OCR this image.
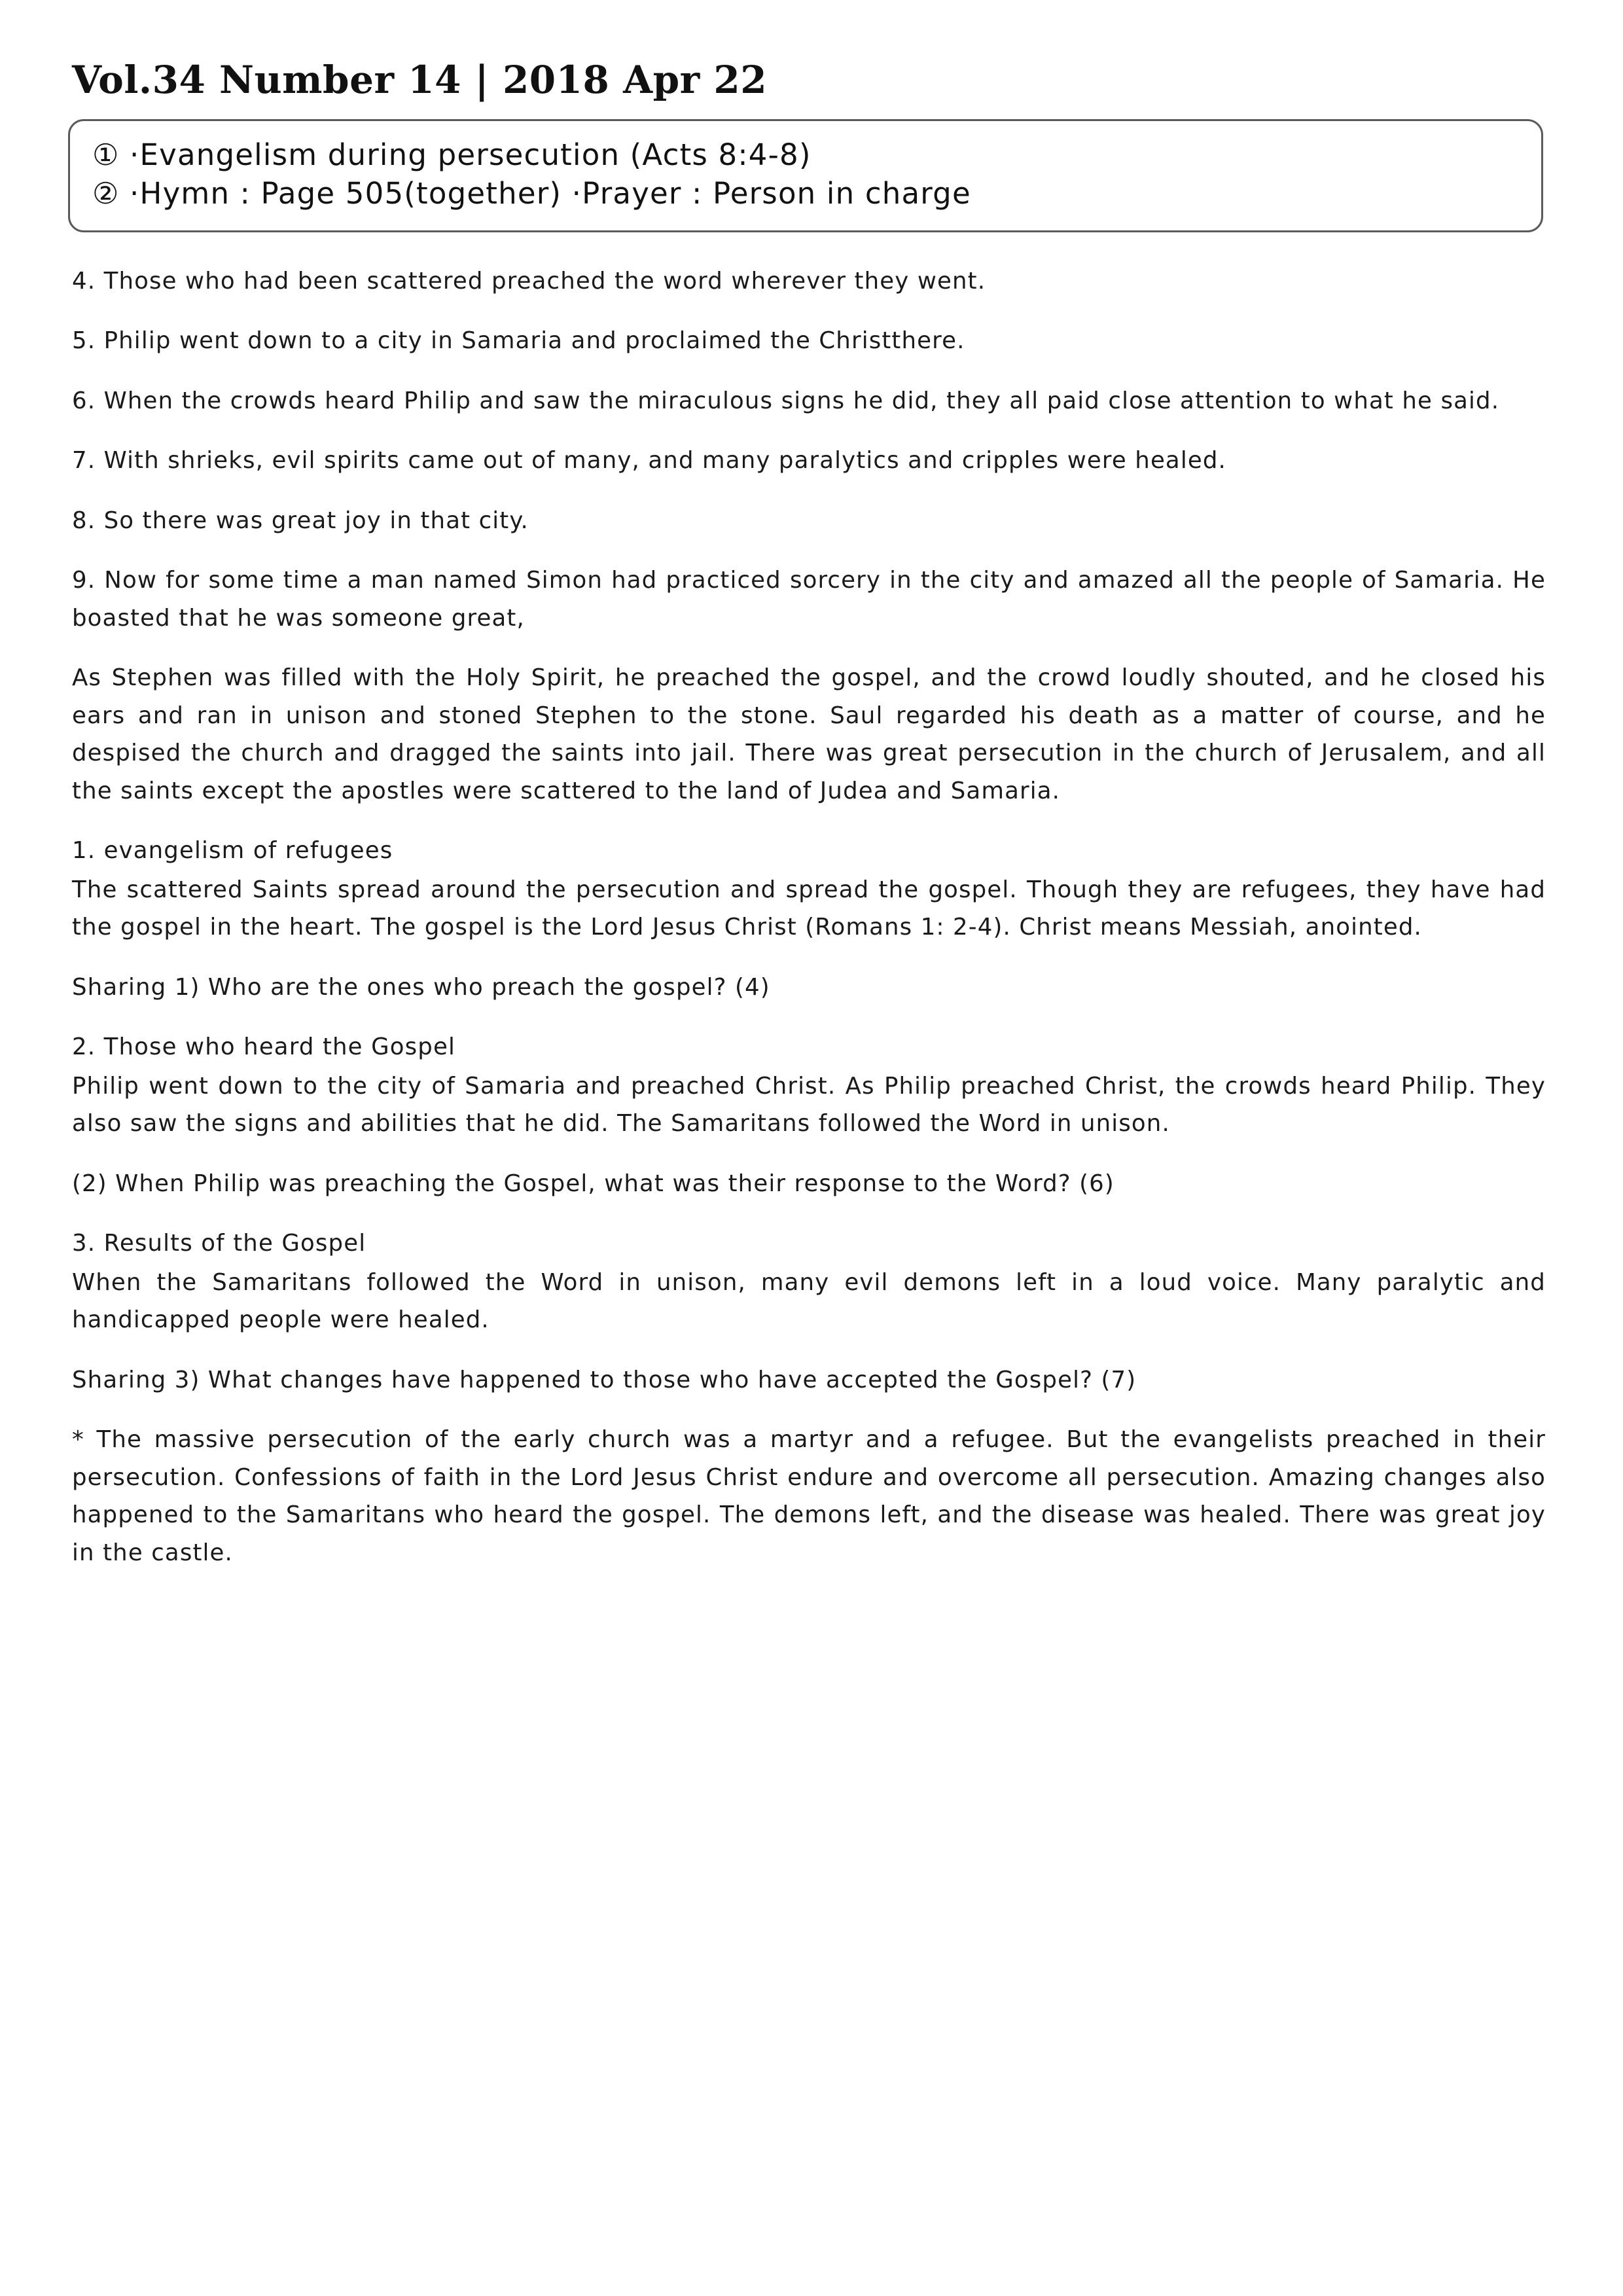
Vol.34 Number 14 | 2018 Apr 22
① ·Evangelism during persecution (Acts 8:4-8)
② ·Hymn : Page 505(together) ·Prayer : Person in charge

4. Those who had been scattered preached the word wherever they went.

5. Philip went down to a city in Samaria and proclaimed the Christthere.

6. When the crowds heard Philip and saw the miraculous signs he did, they all paid close attention to what he said.

7. With shrieks, evil spirits came out of many, and many paralytics and cripples were healed.

8. So there was great joy in that city.

9. Now for some time a man named Simon had practiced sorcery in the city and amazed all the people of Samaria. He boasted that he was someone great,

As Stephen was filled with the Holy Spirit, he preached the gospel, and the crowd loudly shouted, and he closed his ears and ran in unison and stoned Stephen to the stone. Saul regarded his death as a matter of course, and he despised the church and dragged the saints into jail. There was great persecution in the church of Jerusalem, and all the saints except the apostles were scattered to the land of Judea and Samaria.

1. evangelism of refugees

The scattered Saints spread around the persecution and spread the gospel. Though they are refugees, they have had the gospel in the heart. The gospel is the Lord Jesus Christ (Romans 1: 2-4). Christ means Messiah, anointed.

Sharing 1) Who are the ones who preach the gospel? (4)

2. Those who heard the Gospel

Philip went down to the city of Samaria and preached Christ. As Philip preached Christ, the crowds heard Philip. They also saw the signs and abilities that he did. The Samaritans followed the Word in unison.

(2) When Philip was preaching the Gospel, what was their response to the Word? (6)

3. Results of the Gospel

When the Samaritans followed the Word in unison, many evil demons left in a loud voice. Many paralytic and handicapped people were healed.

Sharing 3) What changes have happened to those who have accepted the Gospel? (7)

* The massive persecution of the early church was a martyr and a refugee. But the evangelists preached in their persecution. Confessions of faith in the Lord Jesus Christ endure and overcome all persecution. Amazing changes also happened to the Samaritans who heard the gospel. The demons left, and the disease was healed. There was great joy in the castle.
